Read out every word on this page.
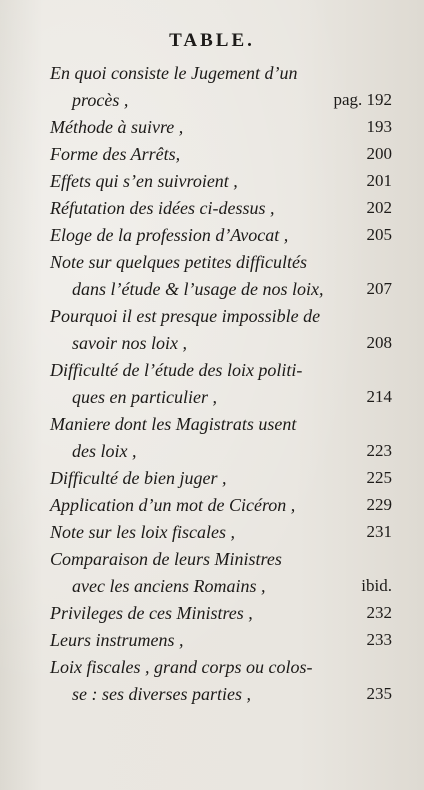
TABLE.
En quoi consiste le Jugement d’un
procès ,	pag. 192
Méthode à suivre ,	193
Forme des Arrêts,	200
Effets qui s’en suivroient ,	201
Réfutation des idées ci-dessus ,	202
Eloge de la profession d’Avocat ,	205
Note sur quelques petites difficultés
dans l’étude & l’usage de nos loix,	207
Pourquoi il est presque impossible de
savoir nos loix ,	208
Difficulté de l’étude des loix politi-
ques en particulier ,	214
Maniere dont les Magistrats usent
des loix ,	223
Difficulté de bien juger ,	225
Application d’un mot de Cicéron ,	229
Note sur les loix fiscales ,	231
Comparaison de leurs Ministres
avec les anciens Romains ,	ibid.
Privileges de ces Ministres ,	232
Leurs instrumens ,	233
Loix fiscales , grand corps ou colos-
se : ses diverses parties ,	235
